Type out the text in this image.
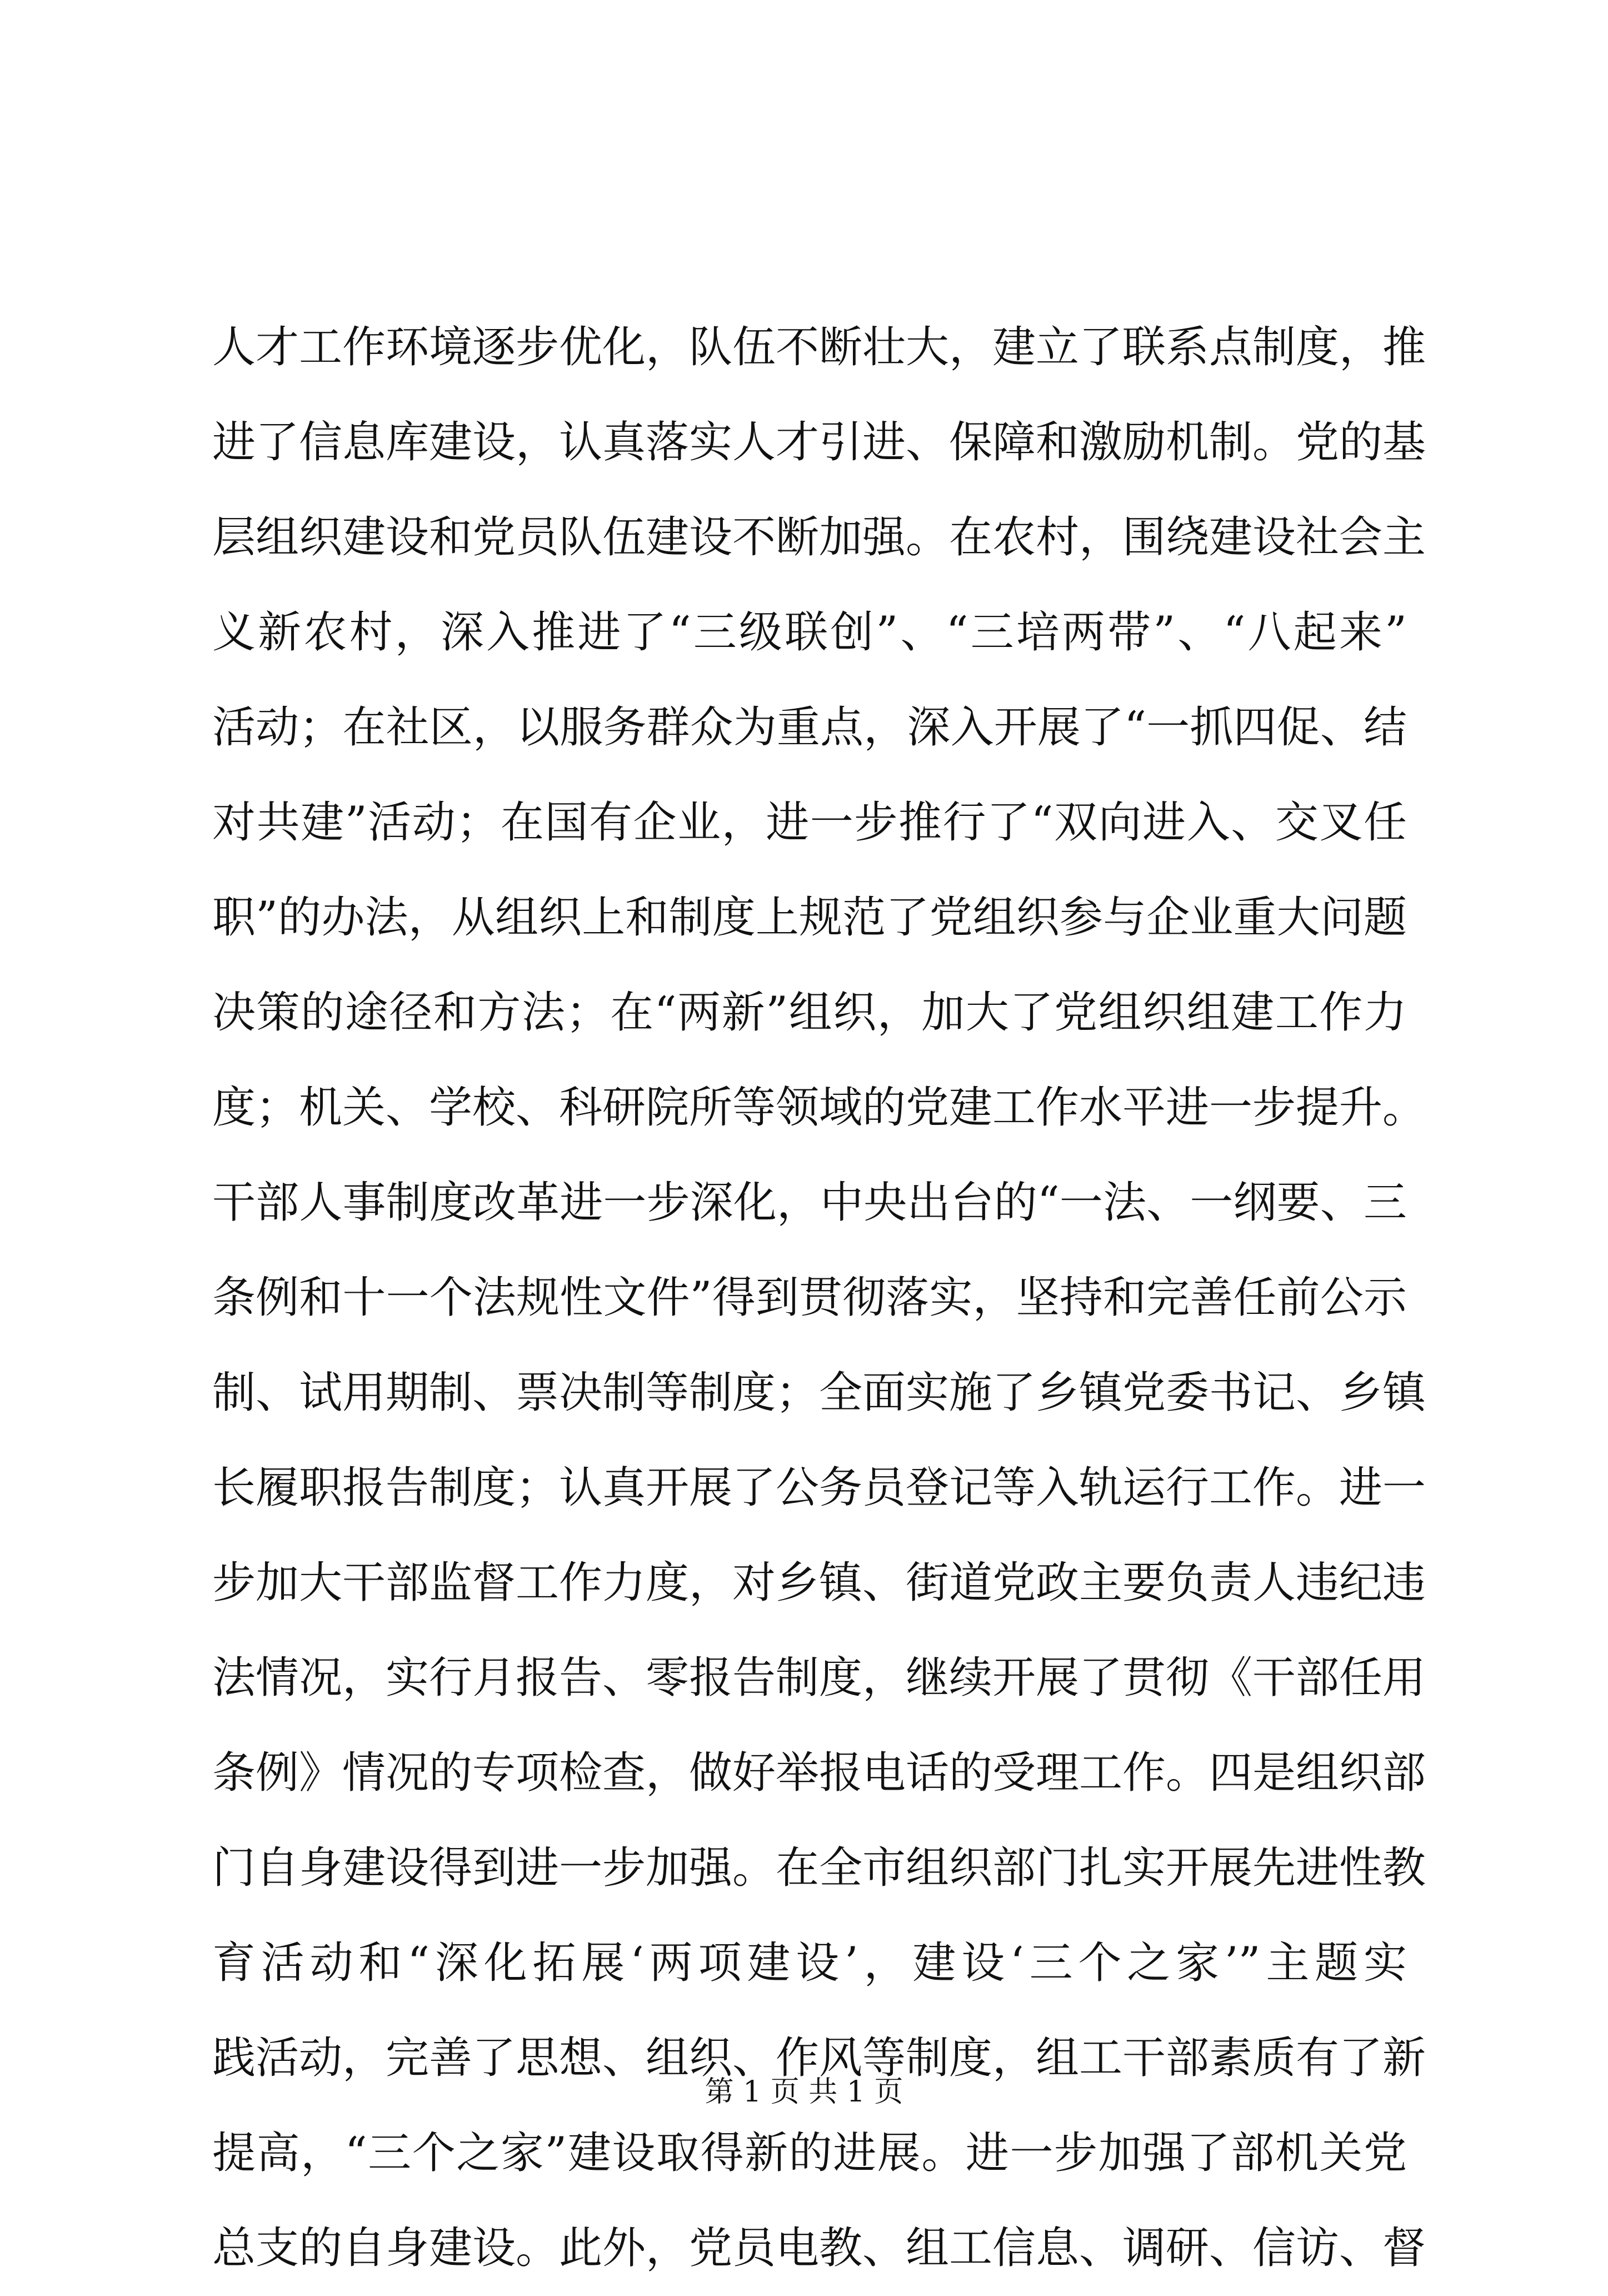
人才工作环境逐步优化，队伍不断壮大，建立了联系点制度，推
进了信息库建设，认真落实人才引进、保障和激励机制。党的基
层组织建设和党员队伍建设不断加强。在农村，围绕建设社会主
义新农村，深入推进了“三级联创”、“三培两带”、“八起来”
活动；在社区，以服务群众为重点，深入开展了“一抓四促、结
对共建”活动；在国有企业，进一步推行了“双向进入、交叉任
职”的办法，从组织上和制度上规范了党组织参与企业重大问题
决策的途径和方法；在“两新”组织，加大了党组织组建工作力
度；机关、学校、科研院所等领域的党建工作水平进一步提升。
干部人事制度改革进一步深化，中央出台的“一法、一纲要、三
条例和十一个法规性文件”得到贯彻落实，坚持和完善任前公示
制、试用期制、票决制等制度；全面实施了乡镇党委书记、乡镇
长履职报告制度；认真开展了公务员登记等入轨运行工作。进一
步加大干部监督工作力度，对乡镇、街道党政主要负责人违纪违
法情况，实行月报告、零报告制度，继续开展了贯彻《干部任用
条例》情况的专项检查，做好举报电话的受理工作。四是组织部
门自身建设得到进一步加强。在全市组织部门扎实开展先进性教
育活动和“深化拓展‘两项建设’，建设‘三个之家’”主题实
践活动，完善了思想、组织、作风等制度，组工干部素质有了新
提高，“三个之家”建设取得新的进展。进一步加强了部机关党
总支的自身建设。此外，党员电教、组工信息、调研、信访、督
第 1 页 共 1 页
